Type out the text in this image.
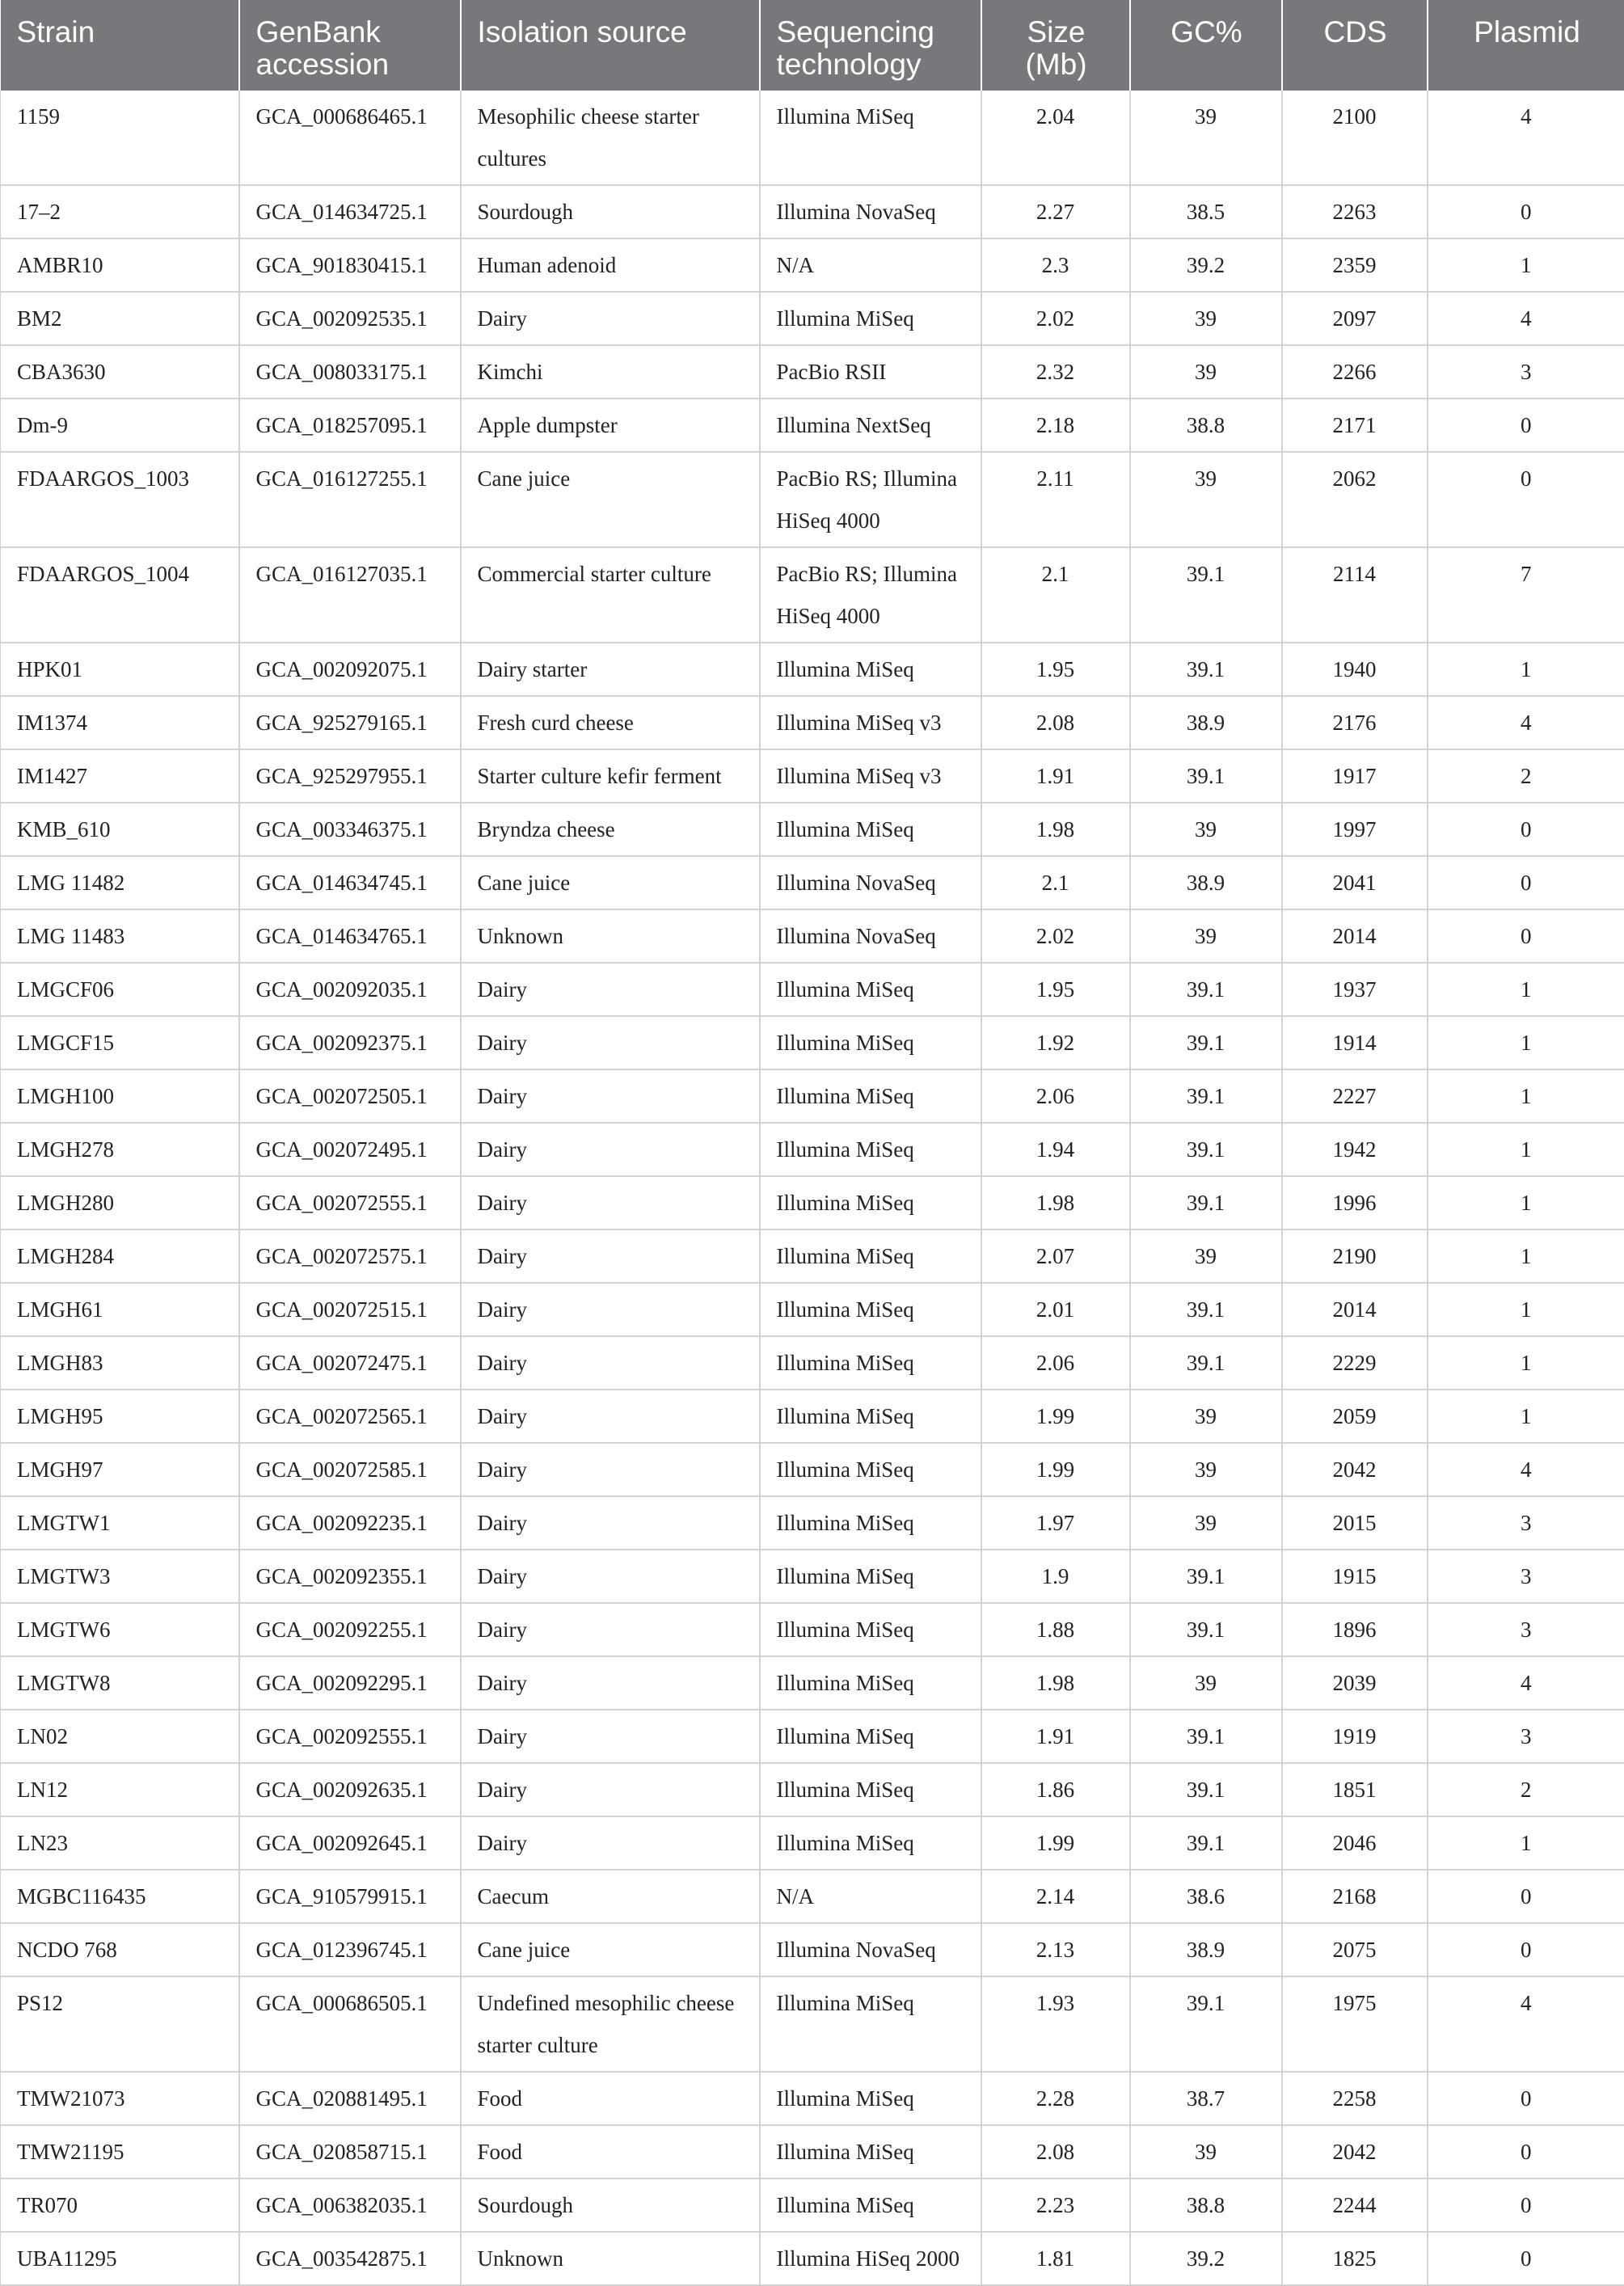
Strain	GenBank accession	Isolation source	Sequencing technology	Size (Mb)	GC%	CDS	Plasmid
1159	GCA_000686465.1	Mesophilic cheese starter cultures	Illumina MiSeq	2.04	39	2100	4
17–2	GCA_014634725.1	Sourdough	Illumina NovaSeq	2.27	38.5	2263	0
AMBR10	GCA_901830415.1	Human adenoid	N/A	2.3	39.2	2359	1
BM2	GCA_002092535.1	Dairy	Illumina MiSeq	2.02	39	2097	4
CBA3630	GCA_008033175.1	Kimchi	PacBio RSII	2.32	39	2266	3
Dm-9	GCA_018257095.1	Apple dumpster	Illumina NextSeq	2.18	38.8	2171	0
FDAARGOS_1003	GCA_016127255.1	Cane juice	PacBio RS; Illumina HiSeq 4000	2.11	39	2062	0
FDAARGOS_1004	GCA_016127035.1	Commercial starter culture	PacBio RS; Illumina HiSeq 4000	2.1	39.1	2114	7
HPK01	GCA_002092075.1	Dairy starter	Illumina MiSeq	1.95	39.1	1940	1
IM1374	GCA_925279165.1	Fresh curd cheese	Illumina MiSeq v3	2.08	38.9	2176	4
IM1427	GCA_925297955.1	Starter culture kefir ferment	Illumina MiSeq v3	1.91	39.1	1917	2
KMB_610	GCA_003346375.1	Bryndza cheese	Illumina MiSeq	1.98	39	1997	0
LMG 11482	GCA_014634745.1	Cane juice	Illumina NovaSeq	2.1	38.9	2041	0
LMG 11483	GCA_014634765.1	Unknown	Illumina NovaSeq	2.02	39	2014	0
LMGCF06	GCA_002092035.1	Dairy	Illumina MiSeq	1.95	39.1	1937	1
LMGCF15	GCA_002092375.1	Dairy	Illumina MiSeq	1.92	39.1	1914	1
LMGH100	GCA_002072505.1	Dairy	Illumina MiSeq	2.06	39.1	2227	1
LMGH278	GCA_002072495.1	Dairy	Illumina MiSeq	1.94	39.1	1942	1
LMGH280	GCA_002072555.1	Dairy	Illumina MiSeq	1.98	39.1	1996	1
LMGH284	GCA_002072575.1	Dairy	Illumina MiSeq	2.07	39	2190	1
LMGH61	GCA_002072515.1	Dairy	Illumina MiSeq	2.01	39.1	2014	1
LMGH83	GCA_002072475.1	Dairy	Illumina MiSeq	2.06	39.1	2229	1
LMGH95	GCA_002072565.1	Dairy	Illumina MiSeq	1.99	39	2059	1
LMGH97	GCA_002072585.1	Dairy	Illumina MiSeq	1.99	39	2042	4
LMGTW1	GCA_002092235.1	Dairy	Illumina MiSeq	1.97	39	2015	3
LMGTW3	GCA_002092355.1	Dairy	Illumina MiSeq	1.9	39.1	1915	3
LMGTW6	GCA_002092255.1	Dairy	Illumina MiSeq	1.88	39.1	1896	3
LMGTW8	GCA_002092295.1	Dairy	Illumina MiSeq	1.98	39	2039	4
LN02	GCA_002092555.1	Dairy	Illumina MiSeq	1.91	39.1	1919	3
LN12	GCA_002092635.1	Dairy	Illumina MiSeq	1.86	39.1	1851	2
LN23	GCA_002092645.1	Dairy	Illumina MiSeq	1.99	39.1	2046	1
MGBC116435	GCA_910579915.1	Caecum	N/A	2.14	38.6	2168	0
NCDO 768	GCA_012396745.1	Cane juice	Illumina NovaSeq	2.13	38.9	2075	0
PS12	GCA_000686505.1	Undefined mesophilic cheese starter culture	Illumina MiSeq	1.93	39.1	1975	4
TMW21073	GCA_020881495.1	Food	Illumina MiSeq	2.28	38.7	2258	0
TMW21195	GCA_020858715.1	Food	Illumina MiSeq	2.08	39	2042	0
TR070	GCA_006382035.1	Sourdough	Illumina MiSeq	2.23	38.8	2244	0
UBA11295	GCA_003542875.1	Unknown	Illumina HiSeq 2000	1.81	39.2	1825	0
